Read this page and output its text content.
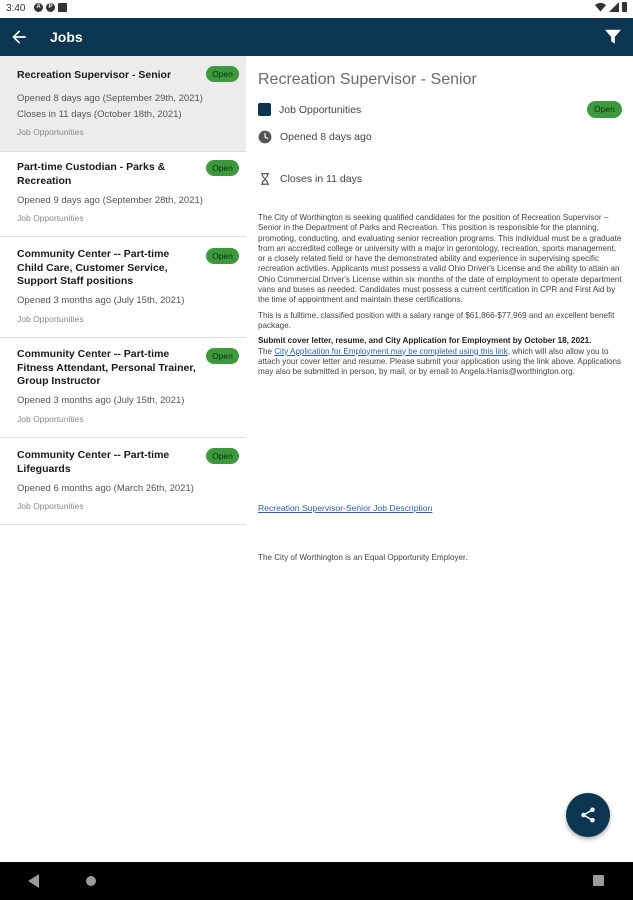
3:40	A	P
Jobs
Recreation Supervisor - Senior	Open
Opened 8 days ago (September 29th, 2021)
Closes in 11 days (October 18th, 2021)
Job Opportunities
Part-time Custodian - Parks & Recreation
Open
Opened 9 days ago (September 28th, 2021)
Job Opportunities
Community Center -- Part-time Child Care, Customer Service, Support Staff positions
Open
Opened 3 months ago (July 15th, 2021)
Job Opportunities
Community Center -- Part-time Fitness Attendant, Personal Trainer, Group Instructor
Open
Opened 3 months ago (July 15th, 2021)
Job Opportunities
Community Center -- Part-time Lifeguards
Open
Opened 6 months ago (March 26th, 2021)
Job Opportunities
Recreation Supervisor - Senior
Job Opportunities	Open
Opened 8 days ago
Closes in 11 days

The City of Worthington is seeking qualified candidates for the position of Recreation Supervisor – Senior in the Department of Parks and Recreation. This position is responsible for the planning, promoting, conducting, and evaluating senior recreation programs. This individual must be a graduate from an accredited college or university with a major in gerontology, recreation, sports management, or a closely related field or have the demonstrated ability and experience in supervising specific recreation activities. Applicants must possess a valid Ohio Driver's License and the ability to attain an Ohio Commercial Driver's License within six months of the date of employment to operate department vans and buses as needed. Candidates must possess a current certification in CPR and First Aid by the time of appointment and maintain these certifications.

This is a fulltime, classified position with a salary range of $61,866-$77,969 and an excellent benefit package.

Submit cover letter, resume, and City Application for Employment by October 18, 2021.
The City Application for Employment may be completed using this link, which will also allow you to attach your cover letter and resume. Please submit your application using the link above. Applications may also be submitted in person, by mail, or by email to Angela.Harris@worthington.org.

Recreation Supervisor-Senior Job Description
The City of Worthington is an Equal Opportunity Employer.
